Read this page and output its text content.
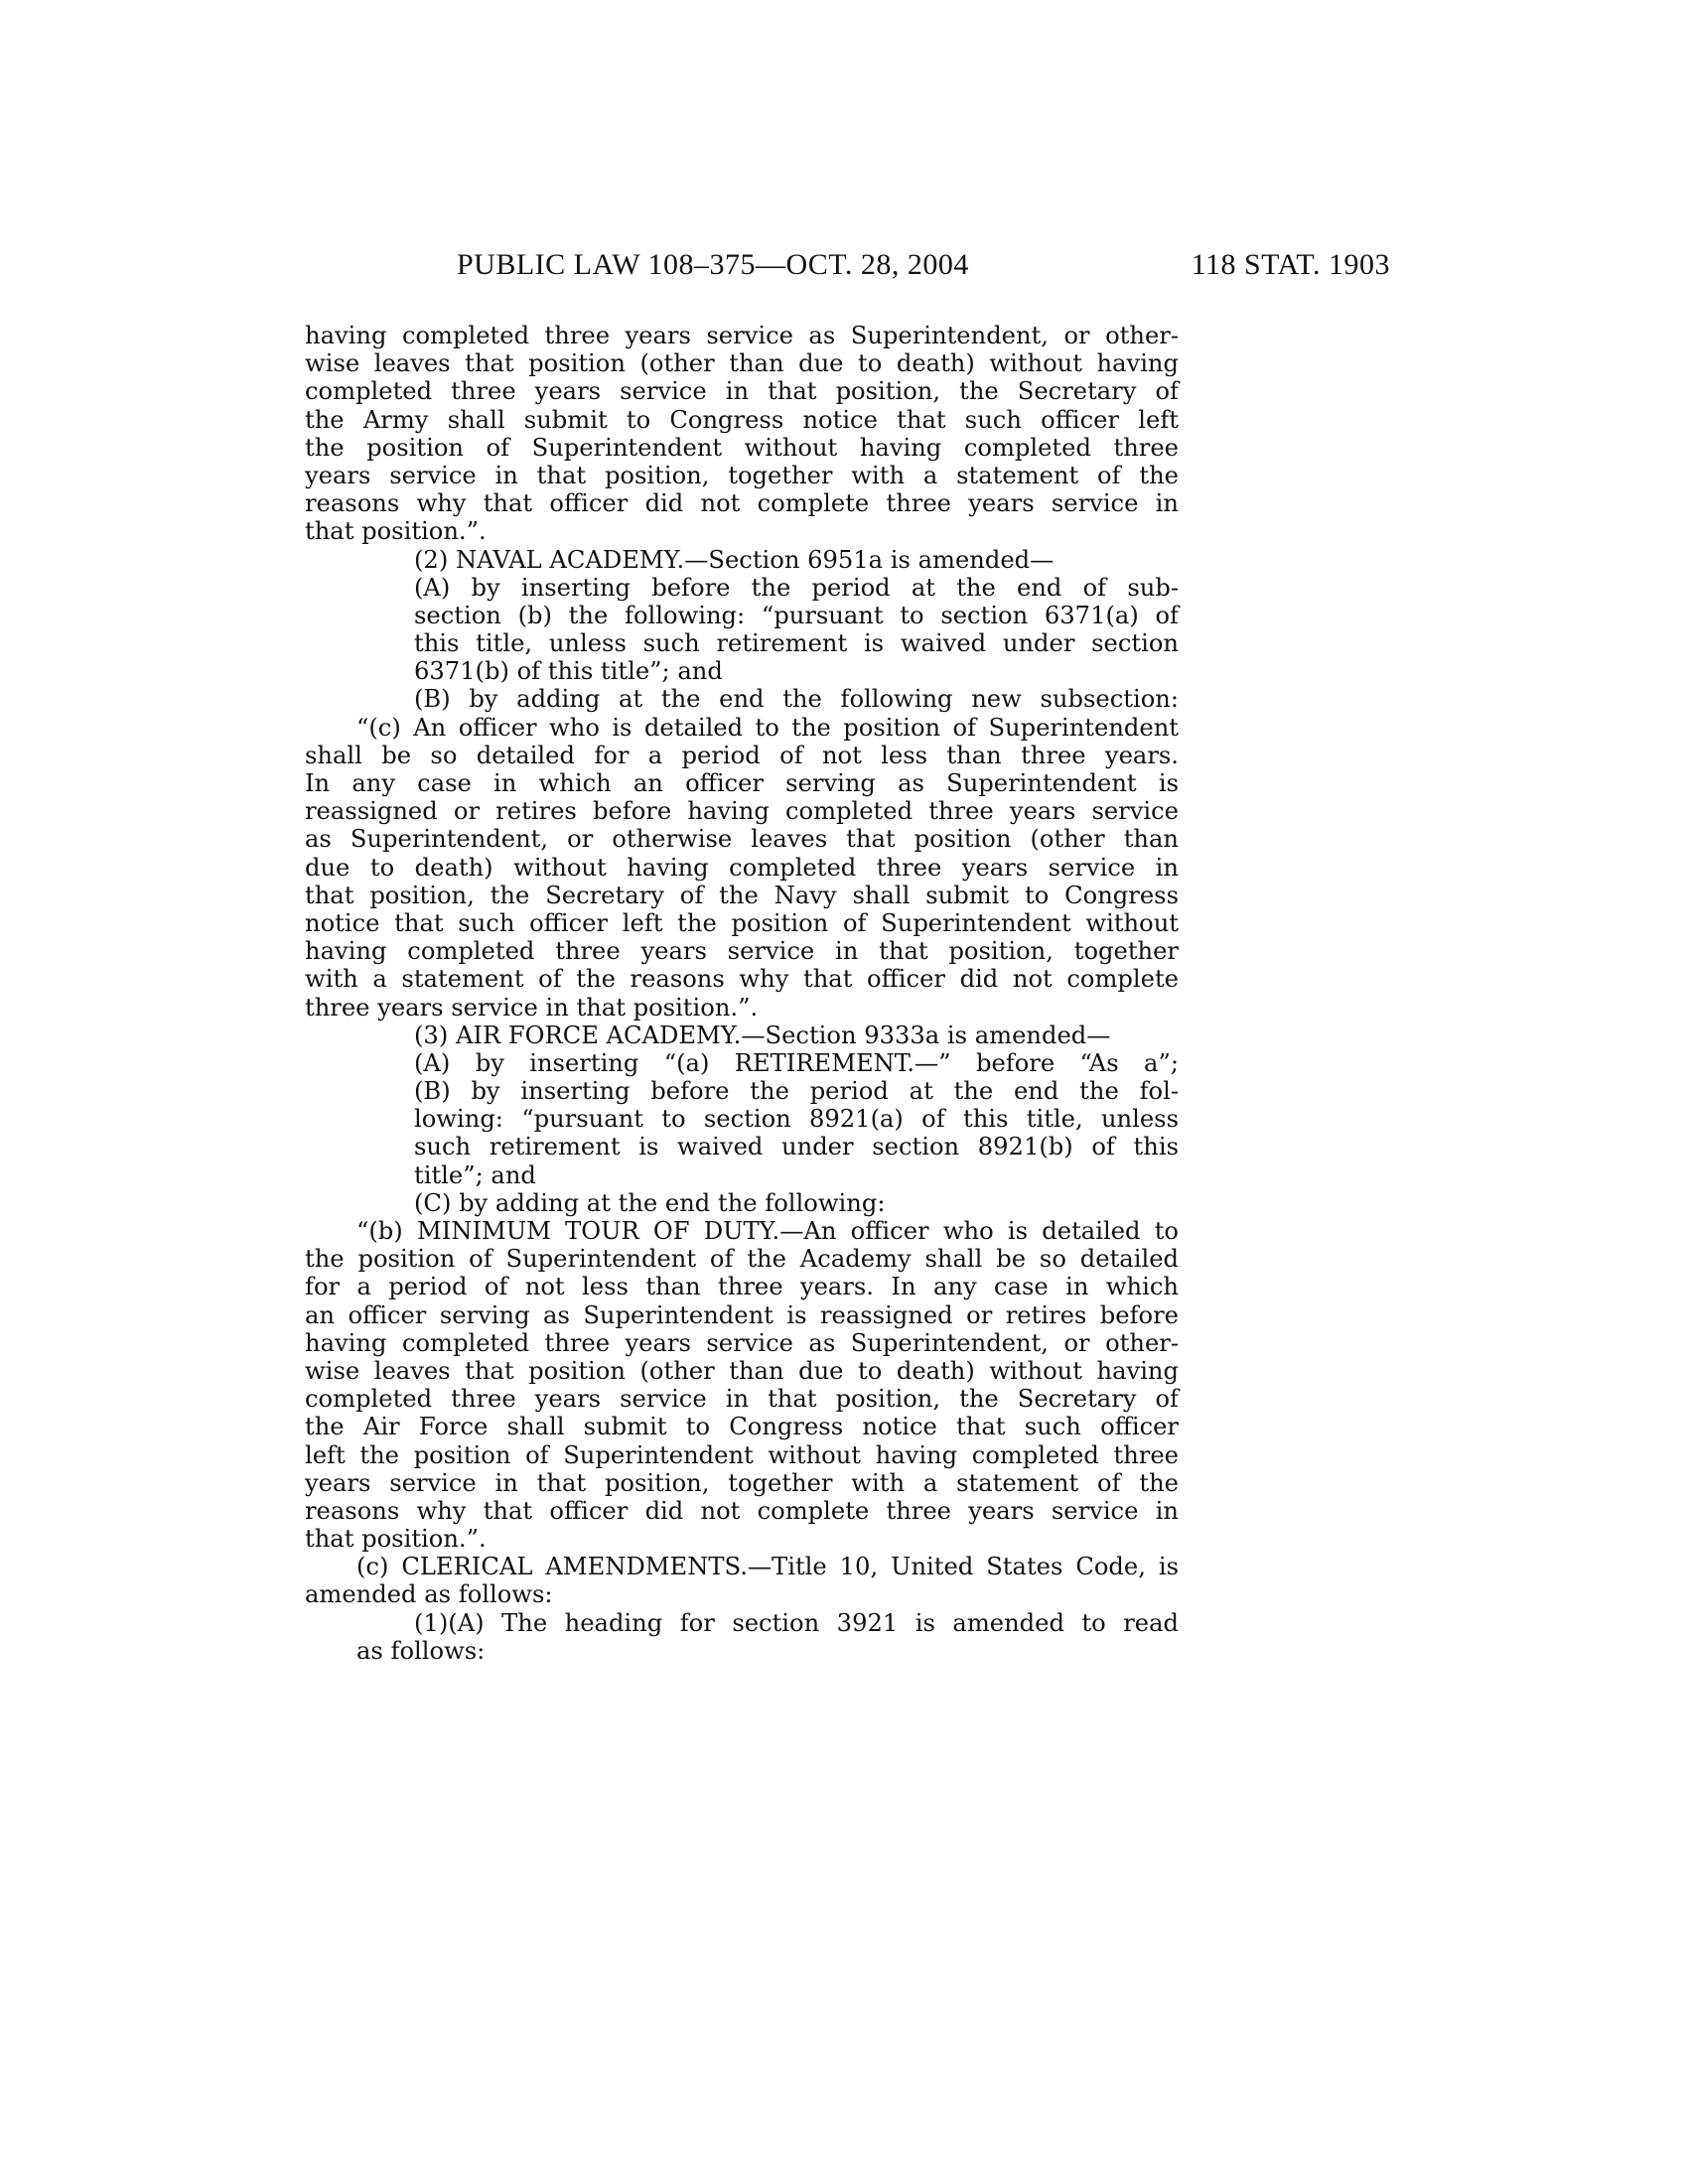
PUBLIC LAW 108–375—OCT. 28, 2004	118 STAT. 1903
having completed three years service as Superintendent, or other-
wise leaves that position (other than due to death) without having
completed three years service in that position, the Secretary of
the Army shall submit to Congress notice that such officer left
the position of Superintendent without having completed three
years service in that position, together with a statement of the
reasons why that officer did not complete three years service in
that position.”.
(2) NAVAL ACADEMY.—Section 6951a is amended—
(A) by inserting before the period at the end of sub-
section (b) the following: “pursuant to section 6371(a) of
this title, unless such retirement is waived under section
6371(b) of this title”; and
(B) by adding at the end the following new subsection:
“(c) An officer who is detailed to the position of Superintendent
shall be so detailed for a period of not less than three years.
In any case in which an officer serving as Superintendent is
reassigned or retires before having completed three years service
as Superintendent, or otherwise leaves that position (other than
due to death) without having completed three years service in
that position, the Secretary of the Navy shall submit to Congress
notice that such officer left the position of Superintendent without
having completed three years service in that position, together
with a statement of the reasons why that officer did not complete
three years service in that position.”.
(3) AIR FORCE ACADEMY.—Section 9333a is amended—
(A) by inserting “(a) RETIREMENT.—” before “As a”;
(B) by inserting before the period at the end the fol-
lowing: “pursuant to section 8921(a) of this title, unless
such retirement is waived under section 8921(b) of this
title”; and
(C) by adding at the end the following:
“(b) MINIMUM TOUR OF DUTY.—An officer who is detailed to
the position of Superintendent of the Academy shall be so detailed
for a period of not less than three years. In any case in which
an officer serving as Superintendent is reassigned or retires before
having completed three years service as Superintendent, or other-
wise leaves that position (other than due to death) without having
completed three years service in that position, the Secretary of
the Air Force shall submit to Congress notice that such officer
left the position of Superintendent without having completed three
years service in that position, together with a statement of the
reasons why that officer did not complete three years service in
that position.”.
(c) CLERICAL AMENDMENTS.—Title 10, United States Code, is
amended as follows:
(1)(A) The heading for section 3921 is amended to read
as follows:
